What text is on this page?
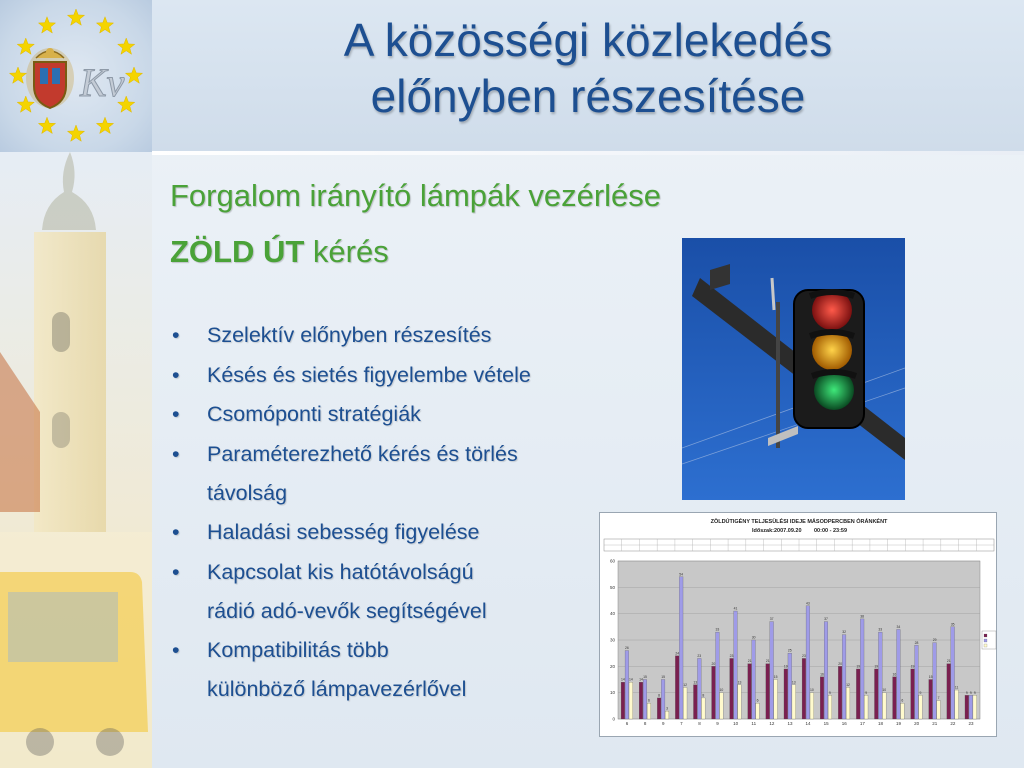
Kv
A közösségi közlekedés
előnyben részesítése
Forgalom irányító lámpák vezérlése
ZÖLD ÚT kérés
• Szelektív előnyben részesítés
• Késés és sietés figyelembe vétele
• Csomóponti stratégiák
• Paraméterezhető kérés és törlés
távolság
• Haladási sebesség figyelése
• Kapcsolat kis hatótávolságú
rádió adó-vevők segítségével
• Kompatibilitás több
különböző lámpavezérlővel
ZÖLDÚTIGÉNY TELJESÜLÉSI IDEJE MÁSODPERCBEN ÓRÁNKÉNT
Időszak: 2007.09.20 00:00 - 23:59
0
10
20
30
40
50
60
14
26
14
6
14
15
6
8
8
15
3
9
24
54
12
7
13
23
8
8
20
33
10
9
23
41
13
10
21
30
6
11
21
37
15
12
19
25
13
13
23
43
10
14
16
37
9
15
20
32
12
16
19
38
9
17
19
33
10
18
16
34
6
19
19
28
9
20
15
29
7
21
21
35
11
22
9 9 9
23
